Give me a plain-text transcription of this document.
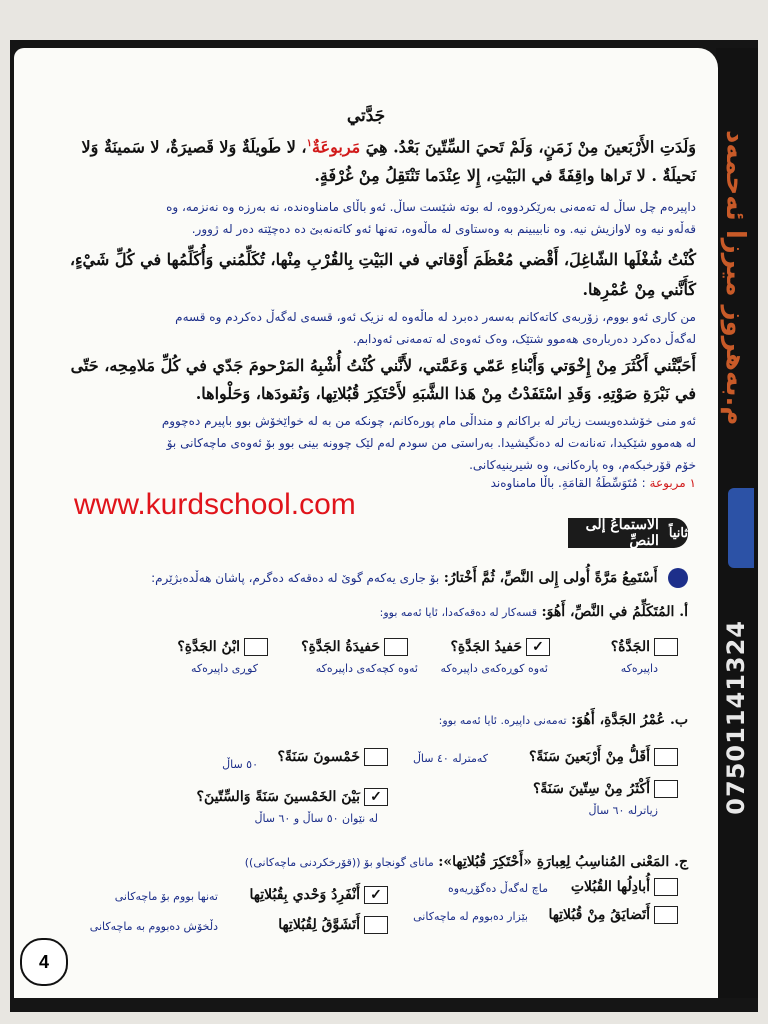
م.بەهروز میرزا ئەحمەد
07501141324
جَدَّتي
وَلَدَتِ الأَرْبَعينَ مِنْ زَمَنٍ، وَلَمْ تَحيَ السِّتّينَ بَعْدُ. هِيَ مَربوعَةٌ$^١$، لا طَويلَةٌ وَلا قَصيرَةٌ، لا سَمينَةٌ وَلا
نَحيلَةٌ . لا تَراها واقِفَةً في البَيْتِ، إِلا عِنْدَما تَنْتَقِلُ مِنْ غُرْفَةٍ.
داپیرەم چل ساڵ لە تەمەنی بەرێکردووە، لە بوتە شێست ساڵ. ئەو باڵای مامناوەندە، نە بەرزە وە نەنزمە، وە
قەڵەو نیە وە لاوازیش نیە. وە نابیبینم بە وەستاوی لە ماڵەوە، تەنها ئەو کاتەنەبێ دە دەچێتە دەر لە ژوور.
كُنْتُ شُغْلَها الشّاغِلَ، أَقْضي مُعْظَمَ أَوْقاتي في البَيْتِ بِالقُرْبِ مِنْها، تُكَلِّمُني وَأُكَلِّمُها في كُلِّ شَيْءٍ،
كَأَنَّني مِنْ عُمْرِها.
من کاری ئەو بووم، زۆربەی کاتەکانم بەسەر دەبرد لە ماڵەوە لە نزیک ئەو، قسەی لەگەڵ دەکردم وە قسەم
لەگەڵ دەکرد دەربارەی هەموو شتێک، وەک ئەوەی لە تەمەنی ئەودابم.
أَحَبَّتْني أَكْثَرَ مِنْ إِخْوَتي وَأَبْناءِ عَمّي وَعَمَّتي، لأَنَّني كُنْتُ أُشْبِهُ المَرْحومَ جَدّي في كُلِّ مَلامِحِه، حَتّى
في نَبْرَةِ صَوْتِهِ. وَقَدِ اسْتَفَدْتُ مِنْ هَذا الشَّبَهِ لأَحْتَكِرَ قُبُلاتِها، وَنُقودَها، وَحَلْواها.
ئەو منی خۆشدەویست زیاتر لە براکانم و منداڵی مام پورەکانم، چونکە من بە لە خواێخۆش بوو باپیرم دەچووم
لە هەموو شێکیدا، تەنانەت لە دەنگیشیدا. بەراستی من سودم لەم لێک چوونە بینی بوو بۆ ئەوەی ماچەکانی بۆ
خۆم قۆرخبکەم، وە پارەکانی، وە شیرینیەکانی.
١ مربوعة : مُتَوَسِّطَةُ القامَةِ. باڵا مامناوەند
www.kurdschool.com
ثانياً
الاستماعُ إلى النصِّ
أَسْتَمِعُ مَرَّةً أُولى إِلى النَّصِّ، ثُمَّ أَخْتارُ: بۆ جاری یەکەم گوێ لە دەقەکە دەگرم، پاشان هەڵدەبژێرم:
أ. المُتَكَلِّمُ في النَّصِّ، أَهُوَ: قسەکار لە دەقەکەدا، ئایا ئەمە بوو:
الجَدَّةُ؟
داپیرەکە
✓حَفيدُ الجَدَّةِ؟
ئەوە کوڕەکەی داپیرەکە
حَفيدَةُ الجَدَّةِ؟
ئەوە کچەکەی داپیرەکە
ابْنُ الجَدَّةِ؟
کوڕی داپیرەکە
ب. عُمْرُ الجَدَّةِ، أَهُوَ: تەمەنی داپیرە. ئایا ئەمە بوو:
أَقَلُّ مِنْ أَرْبَعينَ سَنَةً؟
کەمترلە ٤٠ ساڵ
خَمْسونَ سَنَةً؟
٥٠ ساڵ
أَكْثَرُ مِنْ سِتّينَ سَنَةً؟
زیاترلە ٦٠ ساڵ
✓بَيْنَ الخَمْسينَ سَنَةً وَالسِّتّينَ؟
لە نێوان ٥٠ ساڵ و ٦٠ ساڵ
ج. المَعْنى المُناسِبُ لِعِبارَةِ «أَحْتَكِرَ قُبُلاتِها»: ماناى گونجاو بۆ ((قۆرخکردنی ماچەکانی))
أُبادِلُها القُبُلاتِ
ماچ لەگەڵ دەگۆڕیەوە
✓أَنْفَرِدُ وَحْدي بِقُبُلاتِها
تەنها بووم بۆ ماچەکانی
أَتَضايَقُ مِنْ قُبُلاتِها
بێزار دەبووم لە ماچەکانی
أَتَشَوَّقُ لِقُبُلاتِها
دڵخۆش دەبووم بە ماچەکانی
4
